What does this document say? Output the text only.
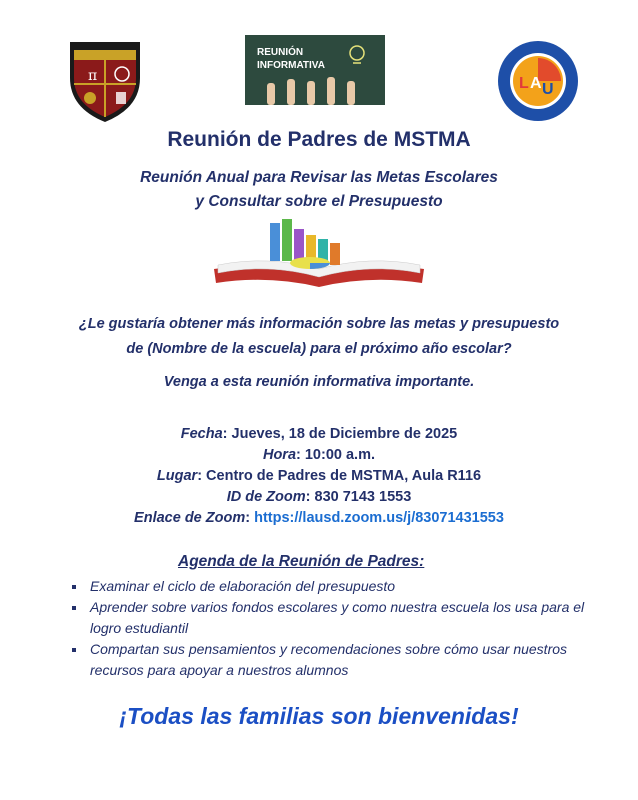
π
REUNIÓN
INFORMATIVA
L A U
Reunión de Padres de MSTMA
Reunión Anual para Revisar las Metas Escolares
y Consultar sobre el Presupuesto
¿Le gustaría obtener más información sobre las metas y presupuesto
de (Nombre de la escuela) para el próximo año escolar?
Venga a esta reunión informativa importante.
Fecha: Jueves, 18 de Diciembre de 2025
Hora: 10:00 a.m.
Lugar: Centro de Padres de MSTMA, Aula R116
ID de Zoom: 830 7143 1553
Enlace de Zoom: https://lausd.zoom.us/j/83071431553
Agenda de la Reunión de Padres:
Examinar el ciclo de elaboración del presupuesto
Aprender sobre varios fondos escolares y como nuestra escuela los usa para el logro estudiantil
Compartan sus pensamientos y recomendaciones sobre cómo usar nuestros recursos para apoyar a nuestros alumnos
¡Todas las familias son bienvenidas!
